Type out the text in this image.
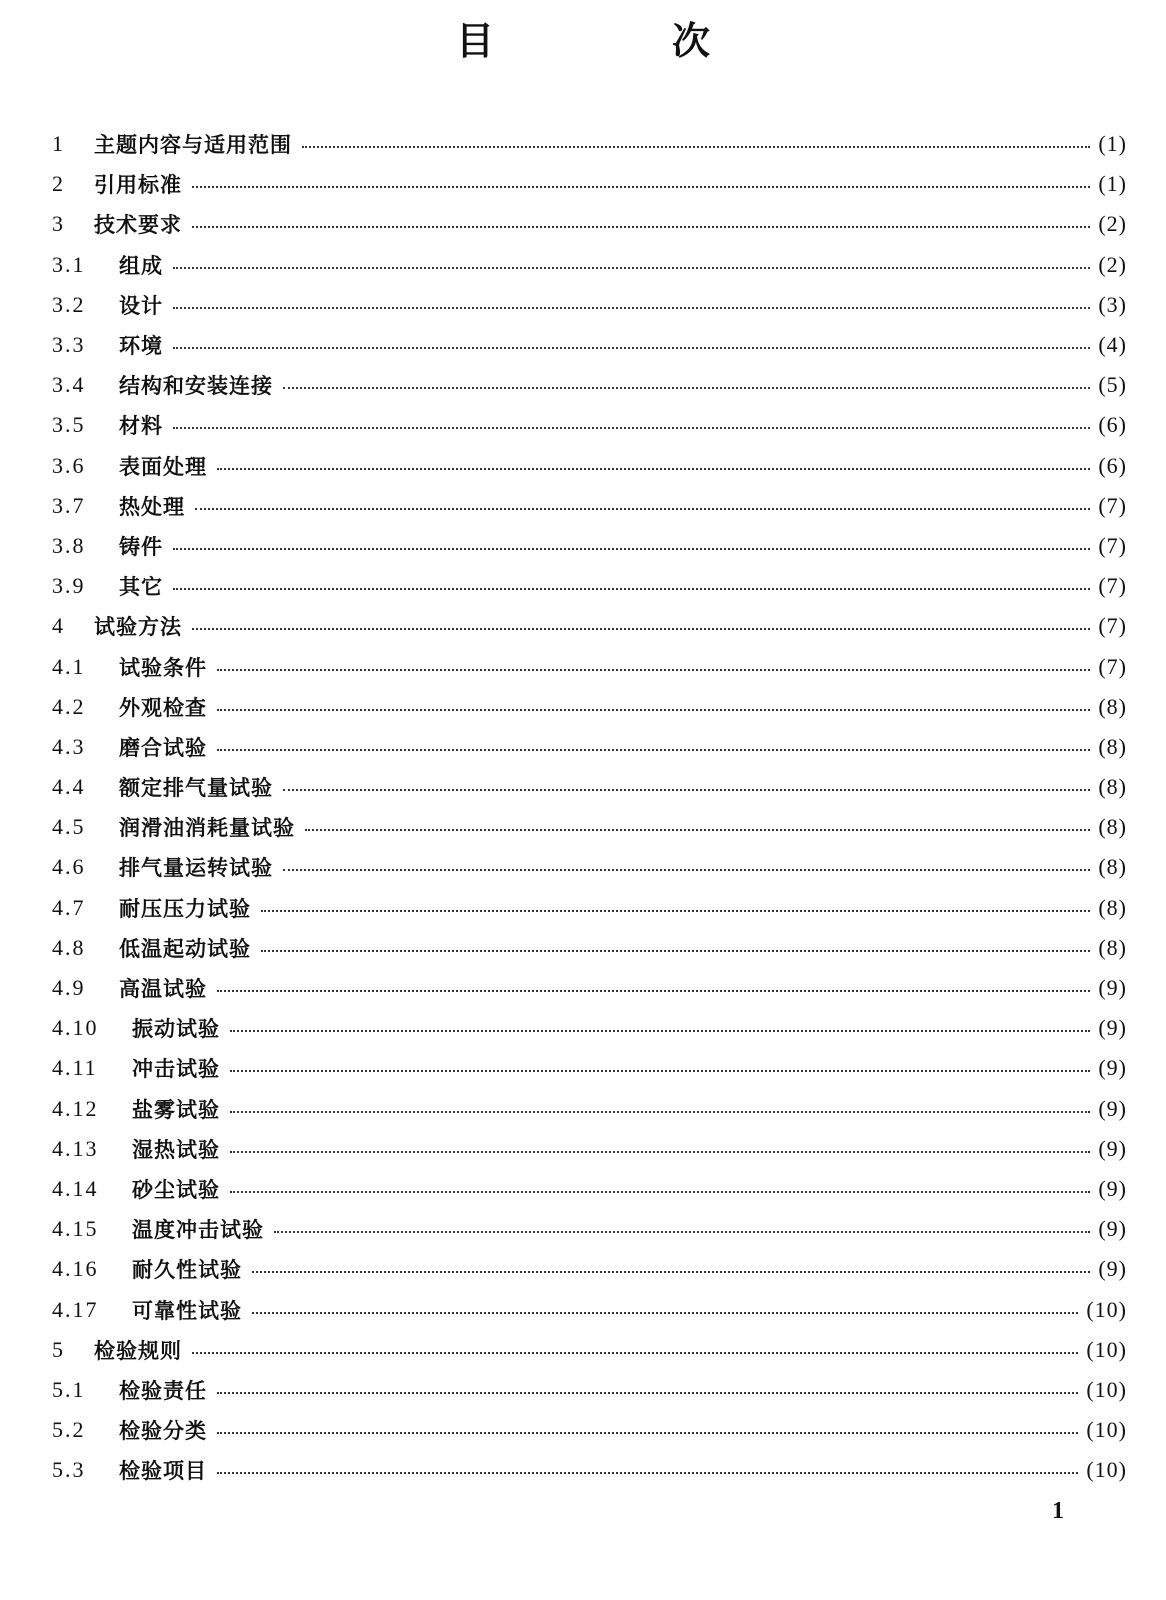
目　次
1	主题内容与适用范围	(1)
2	引用标准	(1)
3	技术要求	(2)
3.1	组成	(2)
3.2	设计	(3)
3.3	环境	(4)
3.4	结构和安装连接	(5)
3.5	材料	(6)
3.6	表面处理	(6)
3.7	热处理	(7)
3.8	铸件	(7)
3.9	其它	(7)
4	试验方法	(7)
4.1	试验条件	(7)
4.2	外观检查	(8)
4.3	磨合试验	(8)
4.4	额定排气量试验	(8)
4.5	润滑油消耗量试验	(8)
4.6	排气量运转试验	(8)
4.7	耐压压力试验	(8)
4.8	低温起动试验	(8)
4.9	高温试验	(9)
4.10	振动试验	(9)
4.11	冲击试验	(9)
4.12	盐雾试验	(9)
4.13	湿热试验	(9)
4.14	砂尘试验	(9)
4.15	温度冲击试验	(9)
4.16	耐久性试验	(9)
4.17	可靠性试验	(10)
5	检验规则	(10)
5.1	检验责任	(10)
5.2	检验分类	(10)
5.3	检验项目	(10)
1
